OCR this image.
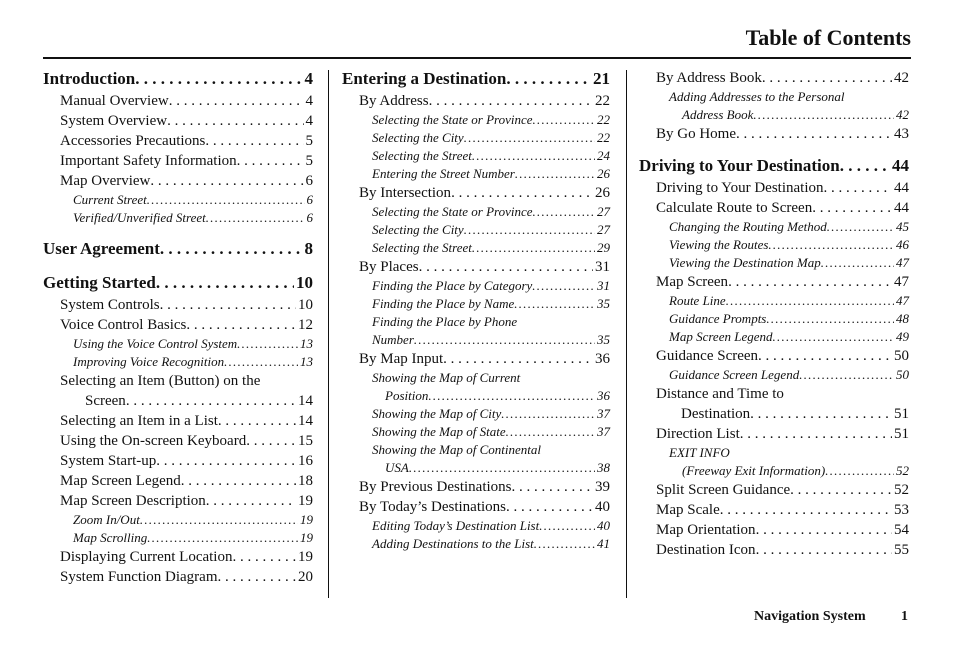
Table of Contents
Introduction . . .	4
Manual Overview . . .	4
System Overview . . .	4
Accessories Precautions . . .	5
Important Safety Information . . .	5
Map Overview . . .	6
Current Street . . .	6
Verified/Unverified Street . . .	6
User Agreement . . .	8
Getting Started . . .	10
System Controls . . .	10
Voice Control Basics . . .	12
Using the Voice Control System . . .	13
Improving Voice Recognition . . .	13
Selecting an Item (Button) on the
Screen . . .	14
Selecting an Item in a List . . .	14
Using the On-screen Keyboard . . .	15
System Start-up . . .	16
Map Screen Legend . . .	18
Map Screen Description . . .	19
Zoom In/Out . . .	19
Map Scrolling . . .	19
Displaying Current Location . . .	19
System Function Diagram . . .	20
Entering a Destination . . .	21
By Address . . .	22
Selecting the State or Province . . .	22
Selecting the City . . .	22
Selecting the Street . . .	24
Entering the Street Number . . .	26
By Intersection . . .	26
Selecting the State or Province . . .	27
Selecting the City . . .	27
Selecting the Street . . .	29
By Places . . .	31
Finding the Place by Category . . .	31
Finding the Place by Name . . .	35
Finding the Place by Phone
Number . . .	35
By Map Input . . .	36
Showing the Map of Current
Position . . .	36
Showing the Map of City . . .	37
Showing the Map of State . . .	37
Showing the Map of Continental
USA . . .	38
By Previous Destinations . . .	39
By Today’s Destinations . . .	40
Editing Today’s Destination List . . .	40
Adding Destinations to the List . . .	41
By Address Book . . .	42
Adding Addresses to the Personal
Address Book . . .	42
By Go Home . . .	43
Driving to Your Destination . . .	44
Driving to Your Destination . . .	44
Calculate Route to Screen . . .	44
Changing the Routing Method . . .	45
Viewing the Routes . . .	46
Viewing the Destination Map . . .	47
Map Screen . . .	47
Route Line . . .	47
Guidance Prompts . . .	48
Map Screen Legend . . .	49
Guidance Screen . . .	50
Guidance Screen Legend . . .	50
Distance and Time to
Destination . . .	51
Direction List . . .	51
EXIT INFO
(Freeway Exit Information) . . .	52
Split Screen Guidance . . .	52
Map Scale . . .	53
Map Orientation . . .	54
Destination Icon . . .	55
Navigation System	1
